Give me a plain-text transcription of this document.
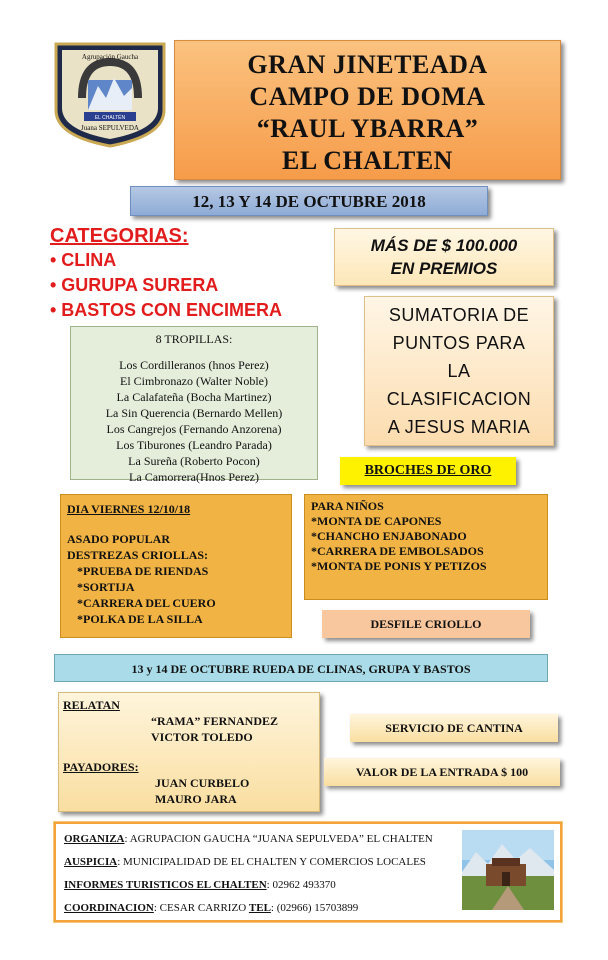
Agrupación Gaucha
EL CHALTÉN
Juana SEPULVEDA
GRAN JINETEADA
CAMPO DE DOMA
“RAUL YBARRA”
EL CHALTEN
12, 13 Y 14 DE OCTUBRE 2018
CATEGORIAS:
• CLINA
• GURUPA SURERA
• BASTOS CON ENCIMERA
MÁS DE $ 100.000
EN PREMIOS
SUMATORIA DE
PUNTOS PARA
LA
CLASIFICACION
A JESUS MARIA
8 TROPILLAS:
Los Cordilleranos (hnos Perez)
El Cimbronazo (Walter Noble)
La Calafateña (Bocha Martinez)
La Sin Querencia (Bernardo Mellen)
Los Cangrejos (Fernando Anzorena)
Los Tiburones (Leandro Parada)
La Sureña (Roberto Pocon)
La Camorrera(Hnos Perez)	BROCHES DE ORO
DIA VIERNES 12/10/18
ASADO POPULAR
DESTREZAS CRIOLLAS:
*PRUEBA DE RIENDAS
*SORTIJA
*CARRERA DEL CUERO
*POLKA DE LA SILLA
PARA NIÑOS
*MONTA DE CAPONES
*CHANCHO ENJABONADO
*CARRERA DE EMBOLSADOS
*MONTA DE PONIS Y PETIZOS
DESFILE CRIOLLO
13 y 14 DE OCTUBRE RUEDA DE CLINAS, GRUPA Y BASTOS
RELATAN
“RAMA” FERNANDEZ
VICTOR TOLEDO
PAYADORES:
JUAN CURBELO
MAURO JARA
SERVICIO DE CANTINA
VALOR DE LA ENTRADA $ 100
ORGANIZA: AGRUPACION GAUCHA “JUANA SEPULVEDA” EL CHALTEN
AUSPICIA: MUNICIPALIDAD DE EL CHALTEN Y COMERCIOS LOCALES
INFORMES TURISTICOS EL CHALTEN: 02962 493370
COORDINACION: CESAR CARRIZO TEL: (02966) 15703899
